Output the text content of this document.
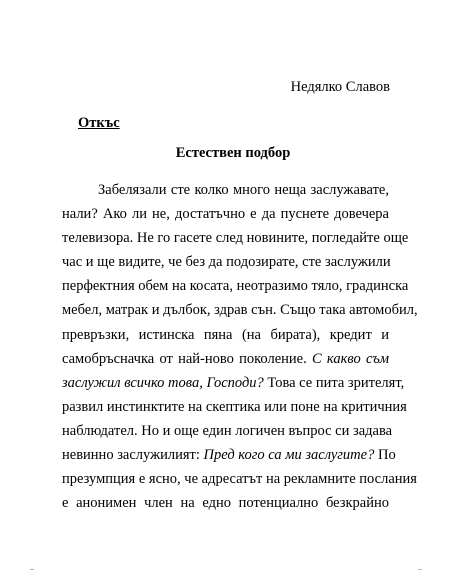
Недялко Славов
Откъс
Естествен подбор
Забелязали сте колко много неща заслужавате,
нали? Ако ли не, достатъчно е да пуснете довечера
телевизора. Не го гасете след новините, погледайте още
час и ще видите, че без да подозирате, сте заслужили
перфектния обем на косата, неотразимо тяло, градинска
мебел, матрак и дълбок, здрав сън. Също така автомобил,
превръзки, истинска пяна (на бирата), кредит и
самобръсначка от най-ново поколение. С какво съм
заслужил всичко това, Господи? Това се пита зрителят,
развил инстинктите на скептика или поне на критичния
наблюдател. Но и още един логичен въпрос си задава
невинно заслужилият: Пред кого са ми заслугите? По
презумпция е ясно, че адресатът на рекламните послания
е анонимен член на едно потенциално безкрайно
